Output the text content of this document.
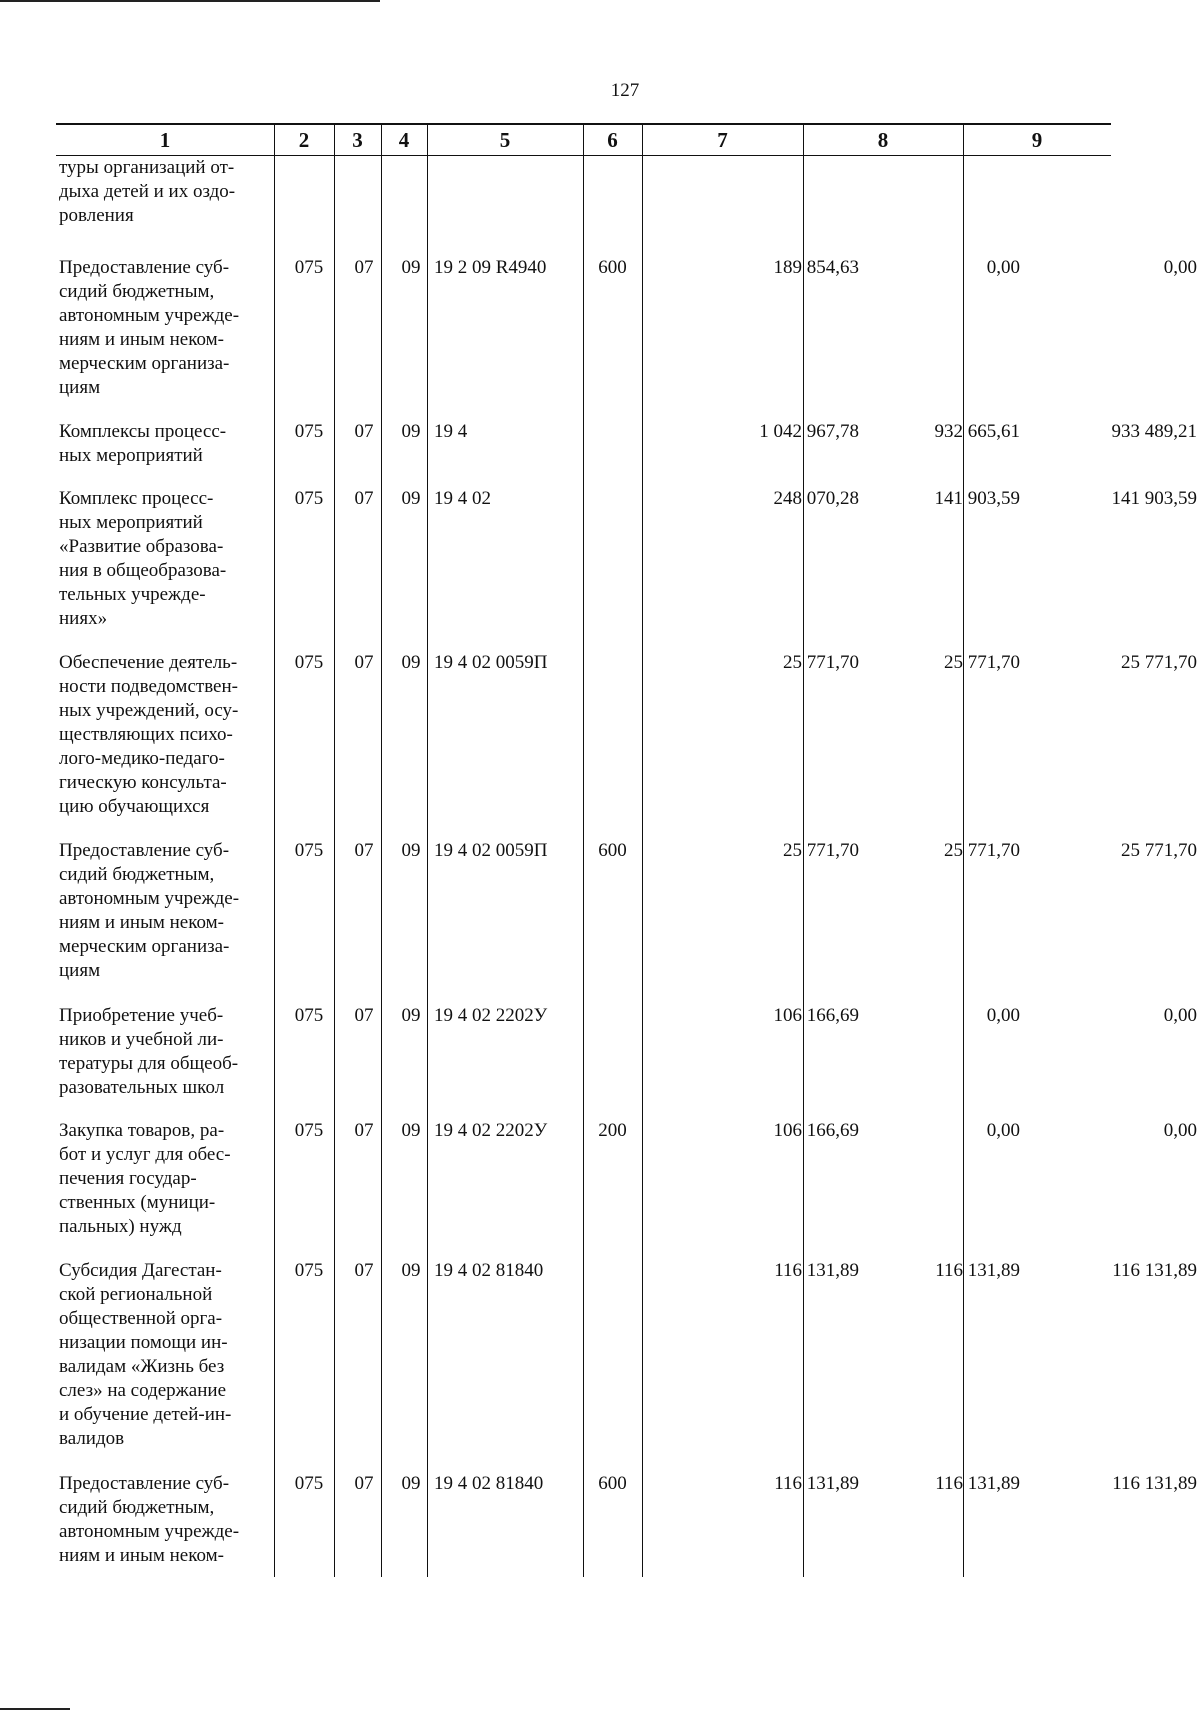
127
1	2	3	4	5	6	7	8	9
туры организаций от-
дыха детей и их оздо-
ровления
Предоставление суб-
сидий бюджетным,
автономным учрежде-
ниям и иным неком-
мерческим организа-
циям
075	07	09 19 2 09 R4940	600	189 854,63	0,00	0,00
Комплексы процесс-
ных мероприятий
075	07	09 19 4	1 042 967,78	932 665,61	933 489,21
Комплекс процесс-
ных мероприятий
«Развитие образова-
ния в общеобразова-
тельных учрежде-
ниях»
075	07	09 19 4 02	248 070,28	141 903,59	141 903,59
Обеспечение деятель-
ности подведомствен-
ных учреждений, осу-
ществляющих психо-
лого-медико-педаго-
гическую консульта-
цию обучающихся
075	07	09 19 4 02 0059П	25 771,70	25 771,70	25 771,70
Предоставление суб-
сидий бюджетным,
автономным учрежде-
ниям и иным неком-
мерческим организа-
циям
075	07	09 19 4 02 0059П	600	25 771,70	25 771,70	25 771,70
Приобретение учеб-
ников и учебной ли-
тературы для общеоб-
разовательных школ
075	07	09 19 4 02 2202У	106 166,69	0,00	0,00
Закупка товаров, ра-
бот и услуг для обес-
печения государ-
ственных (муници-
пальных) нужд
075	07	09 19 4 02 2202У	200	106 166,69	0,00	0,00
Субсидия Дагестан-
ской региональной
общественной орга-
низации помощи ин-
валидам «Жизнь без
слез» на содержание
и обучение детей-ин-
валидов
075	07	09 19 4 02 81840	116 131,89	116 131,89	116 131,89
Предоставление суб-
сидий бюджетным,
автономным учрежде-
ниям и иным неком-
075	07	09 19 4 02 81840	600	116 131,89	116 131,89	116 131,89
